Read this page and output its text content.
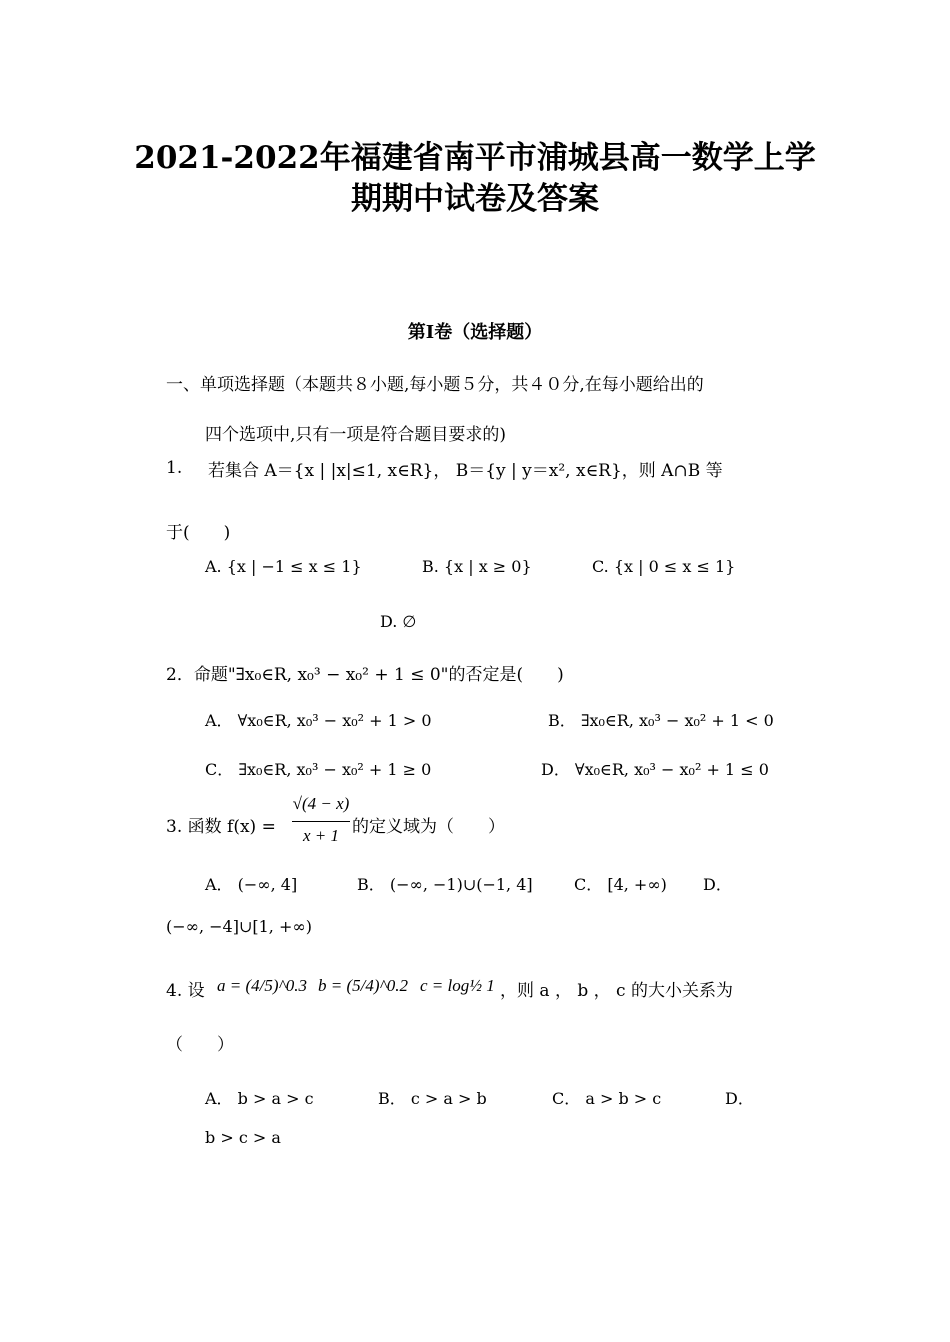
2021-2022年福建省南平市浦城县高一数学上学
期期中试卷及答案
第Ⅰ卷（选择题）
一、单项选择题（本题共８小题,每小题５分，共４０分,在每小题给出的
四个选项中,只有一项是符合题目要求的)
1. 若集合 A＝{x | |x|≤1, x∈R}， B＝{y | y＝x², x∈R}，则 A∩B 等
于(　　)
A. {x | −1 ≤ x ≤ 1}	B. {x | x ≥ 0}	C. {x | 0 ≤ x ≤ 1}
D. ∅
2．命题"∃x₀∈R, x₀³ − x₀² + 1 ≤ 0"的否定是(　　)
A． ∀x₀∈R, x₀³ − x₀² + 1 > 0	B． ∃x₀∈R, x₀³ − x₀² + 1 < 0
C． ∃x₀∈R, x₀³ − x₀² + 1 ≥ 0	D． ∀x₀∈R, x₀³ − x₀² + 1 ≤ 0
3. 函数 f(x) =
√(4 − x)
x + 1 的定义域为（　　）
A． (−∞, 4]	B． (−∞, −1)∪(−1, 4]	C． [4, +∞) D．
(−∞, −4]∪[1, +∞)
4. 设 a = (4/5)^0.3 b = (5/4)^0.2 c = log½ 1 ，则 a ， b ， c 的大小关系为
（　　）
A． b > a > c	B． c > a > b	C． a > b > c	D．
b > c > a
